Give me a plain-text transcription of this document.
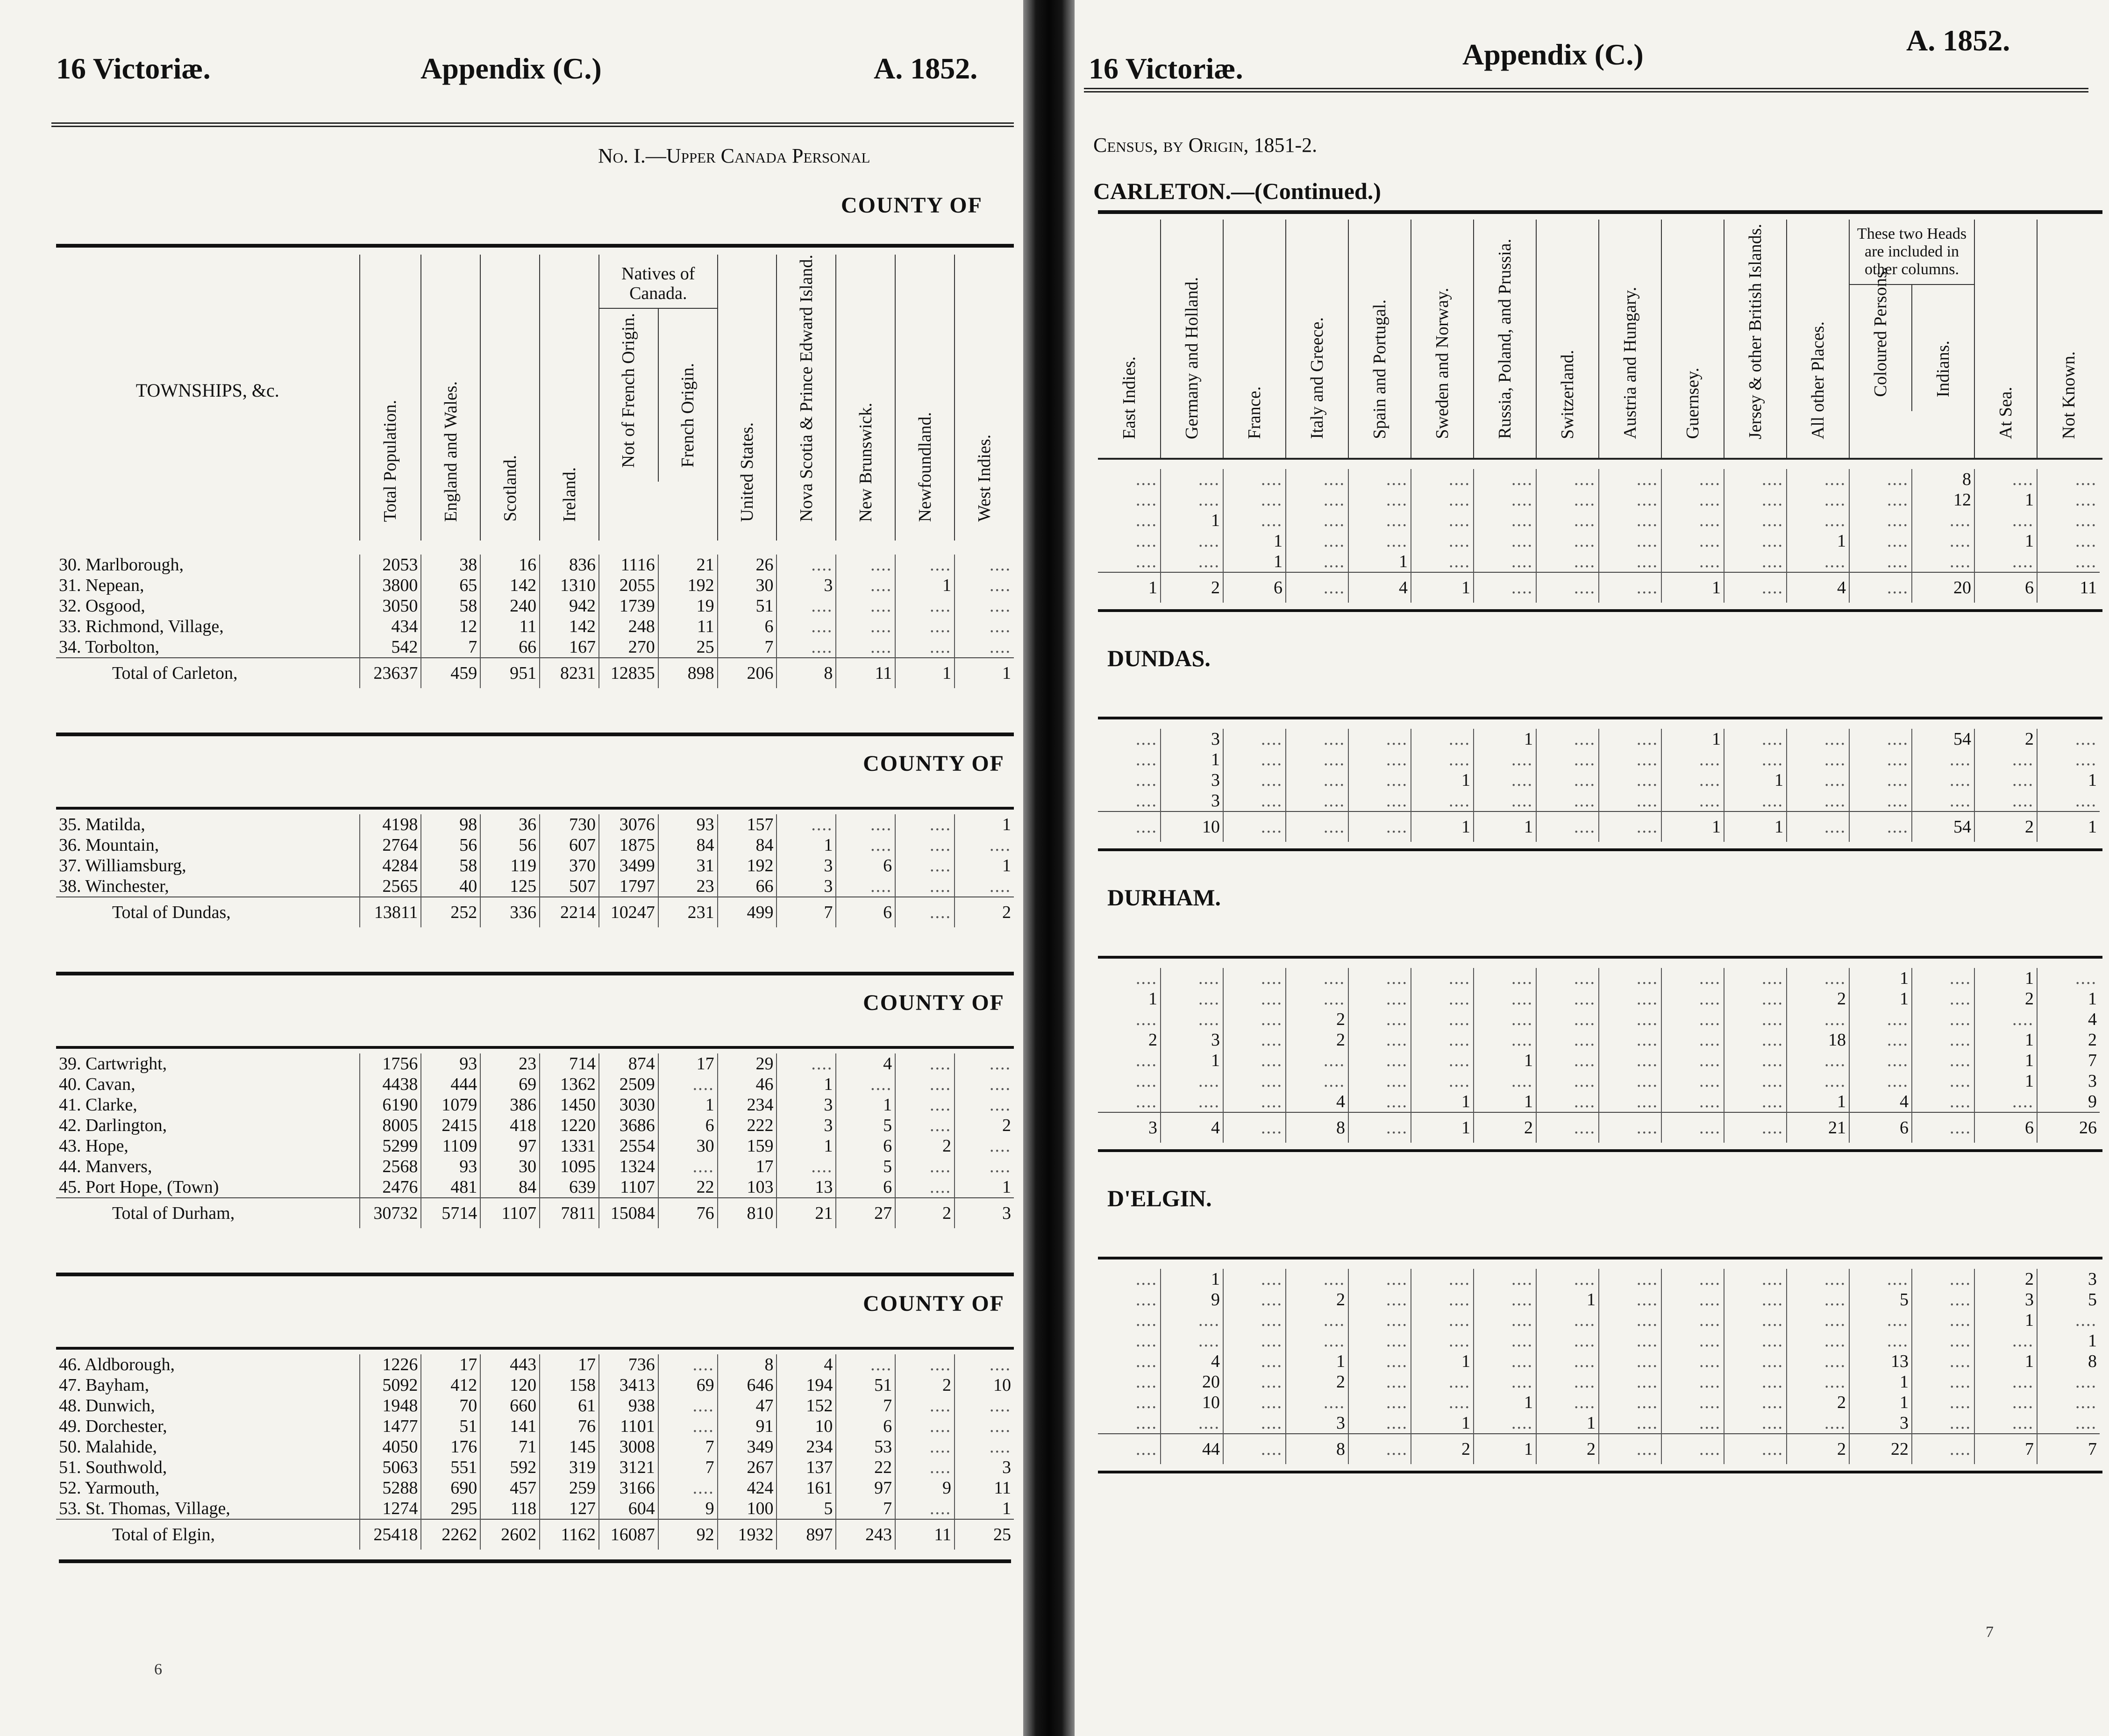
16 Victoriæ.	Appendix (C.)	A. 1852.
No. I.—Upper Canada Personal
COUNTY OF
TOWNSHIPS, &c.	Total Population.	England and Wales.	Scotland.	Ireland.	Natives of Canada.
Not of French Origin. French Origin.		United States.	Nova Scotia & Prince Edward Island.	New Brunswick.	Newfoundland.	West Indies.

30. Marlborough,	2053	38	16	836	1116	21	26	....	....	....	....
31. Nepean,	3800	65	142	1310	2055	192	30	3	....	1	....
32. Osgood,	3050	58	240	942	1739	19	51	....	....	....	....
33. Richmond, Village,	434	12	11	142	248	11	6	....	....	....	....
34. Torbolton,	542	7	66	167	270	25	7	....	....	....	....
Total of Carleton,	23637	459	951	8231	12835	898	206	8	11	1	1

COUNTY OF											

35. Matilda,	4198	98	36	730	3076	93	157	....	....	....	1
36. Mountain,	2764	56	56	607	1875	84	84	1	....	....	....
37. Williamsburg,	4284	58	119	370	3499	31	192	3	6	....	1
38. Winchester,	2565	40	125	507	1797	23	66	3	....	....	....
Total of Dundas,	13811	252	336	2214	10247	231	499	7	6	....	2

COUNTY OF											

39. Cartwright,	1756	93	23	714	874	17	29	....	4	....	....
40. Cavan,	4438	444	69	1362	2509	....	46	1	....	....	....
41. Clarke,	6190	1079	386	1450	3030	1	234	3	1	....	....
42. Darlington,	8005	2415	418	1220	3686	6	222	3	5	....	2
43. Hope,	5299	1109	97	1331	2554	30	159	1	6	2	....
44. Manvers,	2568	93	30	1095	1324	....	17	....	5	....	....
45. Port Hope, (Town)	2476	481	84	639	1107	22	103	13	6	....	1
Total of Durham,	30732	5714	1107	7811	15084	76	810	21	27	2	3

COUNTY OF											

46. Aldborough,	1226	17	443	17	736	....	8	4	....	....	....
47. Bayham,	5092	412	120	158	3413	69	646	194	51	2	10
48. Dunwich,	1948	70	660	61	938	....	47	152	7	....	....
49. Dorchester,	1477	51	141	76	1101	....	91	10	6	....	....
50. Malahide,	4050	176	71	145	3008	7	349	234	53	....	....
51. Southwold,	5063	551	592	319	3121	7	267	137	22	....	3
52. Yarmouth,	5288	690	457	259	3166	....	424	161	97	9	11
53. St. Thomas, Village,	1274	295	118	127	604	9	100	5	7	....	1
Total of Elgin,	25418	2262	2602	1162	16087	92	1932	897	243	11	25

6
16 Victoriæ.	Appendix (C.)	A. 1852.
Census, by Origin, 1851-2.
CARLETON.—(Continued.)
East Indies.	Germany and Holland.	France.	Italy and Greece.	Spain and Portugal.	Sweden and Norway.	Russia, Poland, and Prussia.	Switzerland.	Austria and Hungary.	Guernsey.	Jersey & other British Islands.	All other Places.	
These two Heads are included in other columns.
Coloured Persons. Indians.
	At Sea.	Not Known.
....	....	....	....	....	....	....	....	....	....	....	....	....	8	....	....
....	....	....	....	....	....	....	....	....	....	....	....	....	12	1	....
....	1	....	....	....	....	....	....	....	....	....	....	....	....	....	....
....	....	1	....	....	....	....	....	....	....	....	1	....	....	1	....
....	....	1	....	1	....	....	....	....	....	....	....	....	....	....	....
1	2	6	....	4	1	....	....	....	1	....	4	....	20	6	11
DUNDAS.
....	3	....	....	....	....	1	....	....	1	....	....	....	54	2	....
....	1	....	....	....	....	....	....	....	....	....	....	....	....	....	....
....	3	....	....	....	1	....	....	....	....	1	....	....	....	....	1
....	3	....	....	....	....	....	....	....	....	....	....	....	....	....	....
....	10	....	....	....	1	1	....	....	1	1	....	....	54	2	1
DURHAM.
....	....	....	....	....	....	....	....	....	....	....	....	1	....	1	....
1	....	....	....	....	....	....	....	....	....	....	2	1	....	2	1
....	....	....	2	....	....	....	....	....	....	....	....	....	....	....	4
2	3	....	2	....	....	....	....	....	....	....	18	....	....	1	2
....	1	....	....	....	....	1	....	....	....	....	....	....	....	1	7
....	....	....	....	....	....	....	....	....	....	....	....	....	....	1	3
....	....	....	4	....	1	1	....	....	....	....	1	4	....	....	9
3	4	....	8	....	1	2	....	....	....	....	21	6	....	6	26
D'ELGIN.
....	1	....	....	....	....	....	....	....	....	....	....	....	....	2	3
....	9	....	2	....	....	....	1	....	....	....	....	5	....	3	5
....	....	....	....	....	....	....	....	....	....	....	....	....	....	1	....
....	....	....	....	....	....	....	....	....	....	....	....	....	....	....	1
....	4	....	1	....	1	....	....	....	....	....	....	13	....	1	8
....	20	....	2	....	....	....	....	....	....	....	....	1	....	....	....
....	10	....	....	....	....	1	....	....	....	....	2	1	....	....	....
....	....	....	3	....	1	....	1	....	....	....	....	3	....	....	....
....	44	....	8	....	2	1	2	....	....	....	2	22	....	7	7
7
